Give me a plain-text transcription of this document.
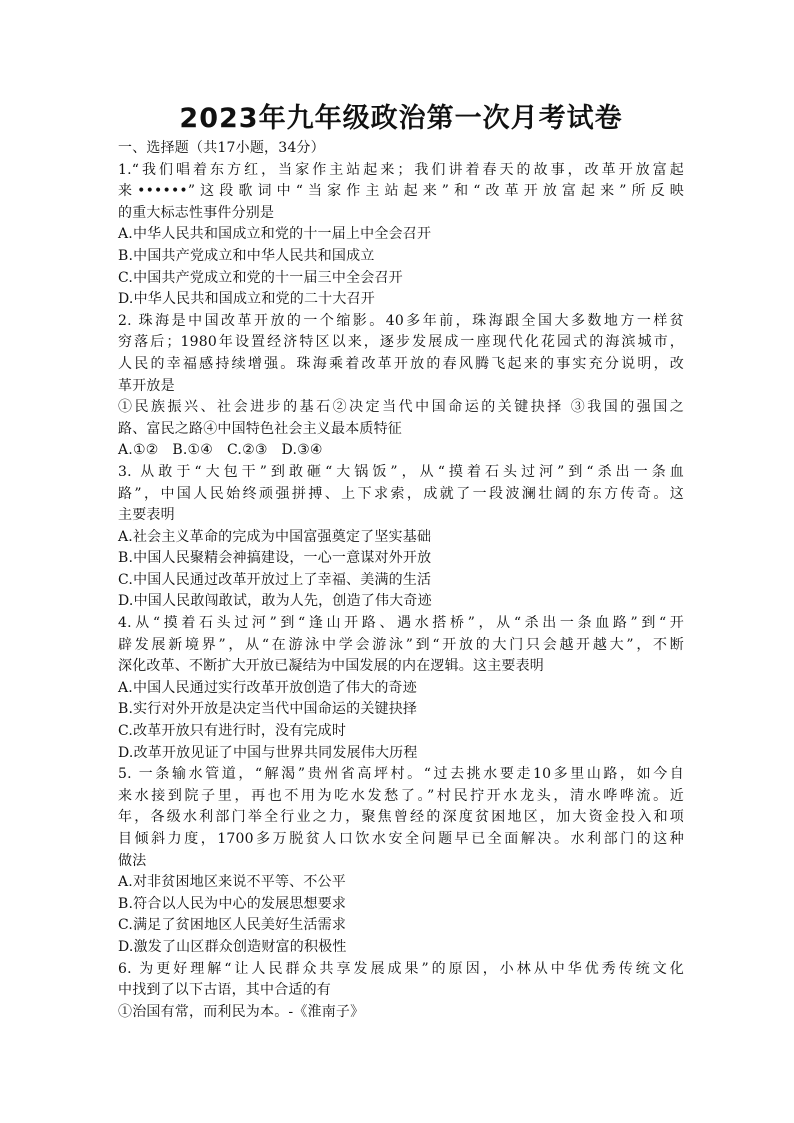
2023年九年级政治第一次月考试卷
一、选择题（共17小题，34分）
1.“我们唱着东方红，当家作主站起来；我们讲着春天的故事，改革开放富起
来••••••”这段歌词中“当家作主站起来”和“改革开放富起来”所反映
的重大标志性事件分别是
A.中华人民共和国成立和党的十一届上中全会召开
B.中国共产党成立和中华人民共和国成立
C.中国共产党成立和党的十一届三中全会召开
D.中华人民共和国成立和党的二十大召开
2. 珠海是中国改革开放的一个缩影。40多年前，珠海跟全国大多数地方一样贫
穷落后；1980年设置经济特区以来，逐步发展成一座现代化花园式的海滨城市，
人民的幸福感持续增强。珠海乘着改革开放的春风腾飞起来的事实充分说明，改
革开放是
①民族振兴、社会进步的基石②决定当代中国命运的关键抉择 ③我国的强国之
路、富民之路④中国特色社会主义最本质特征
A.①②   B.①④   C.②③   D.③④
3. 从敢于“大包干”到敢砸“大锅饭”，从“摸着石头过河”到“杀出一条血
路”，中国人民始终顽强拼搏、上下求索，成就了一段波澜壮阔的东方传奇。这
主要表明
A.社会主义革命的完成为中国富强奠定了坚实基础
B.中国人民聚精会神搞建设，一心一意谋对外开放
C.中国人民通过改革开放过上了幸福、美满的生活
D.中国人民敢闯敢试，敢为人先，创造了伟大奇迹
4.从“摸着石头过河”到“逢山开路、遇水搭桥”，从“杀出一条血路”到“开
辟发展新境界”，从“在游泳中学会游泳”到“开放的大门只会越开越大”，不断
深化改革、不断扩大开放已凝结为中国发展的内在逻辑。这主要表明
A.中国人民通过实行改革开放创造了伟大的奇迹
B.实行对外开放是决定当代中国命运的关键抉择
C.改革开放只有进行时，没有完成时
D.改革开放见证了中国与世界共同发展伟大历程
5. 一条输水管道，“解渴”贵州省高坪村。“过去挑水要走10多里山路，如今自
来水接到院子里，再也不用为吃水发愁了。”村民拧开水龙头，清水哗哗流。近
年，各级水利部门举全行业之力，聚焦曾经的深度贫困地区，加大资金投入和项
目倾斜力度，1700多万脱贫人口饮水安全问题早已全面解决。水利部门的这种
做法
A.对非贫困地区来说不平等、不公平
B.符合以人民为中心的发展思想要求
C.满足了贫困地区人民美好生活需求
D.激发了山区群众创造财富的积极性
6. 为更好理解“让人民群众共享发展成果”的原因，小林从中华优秀传统文化
中找到了以下古语，其中合适的有
①治国有常，而利民为本。-《淮南子》
